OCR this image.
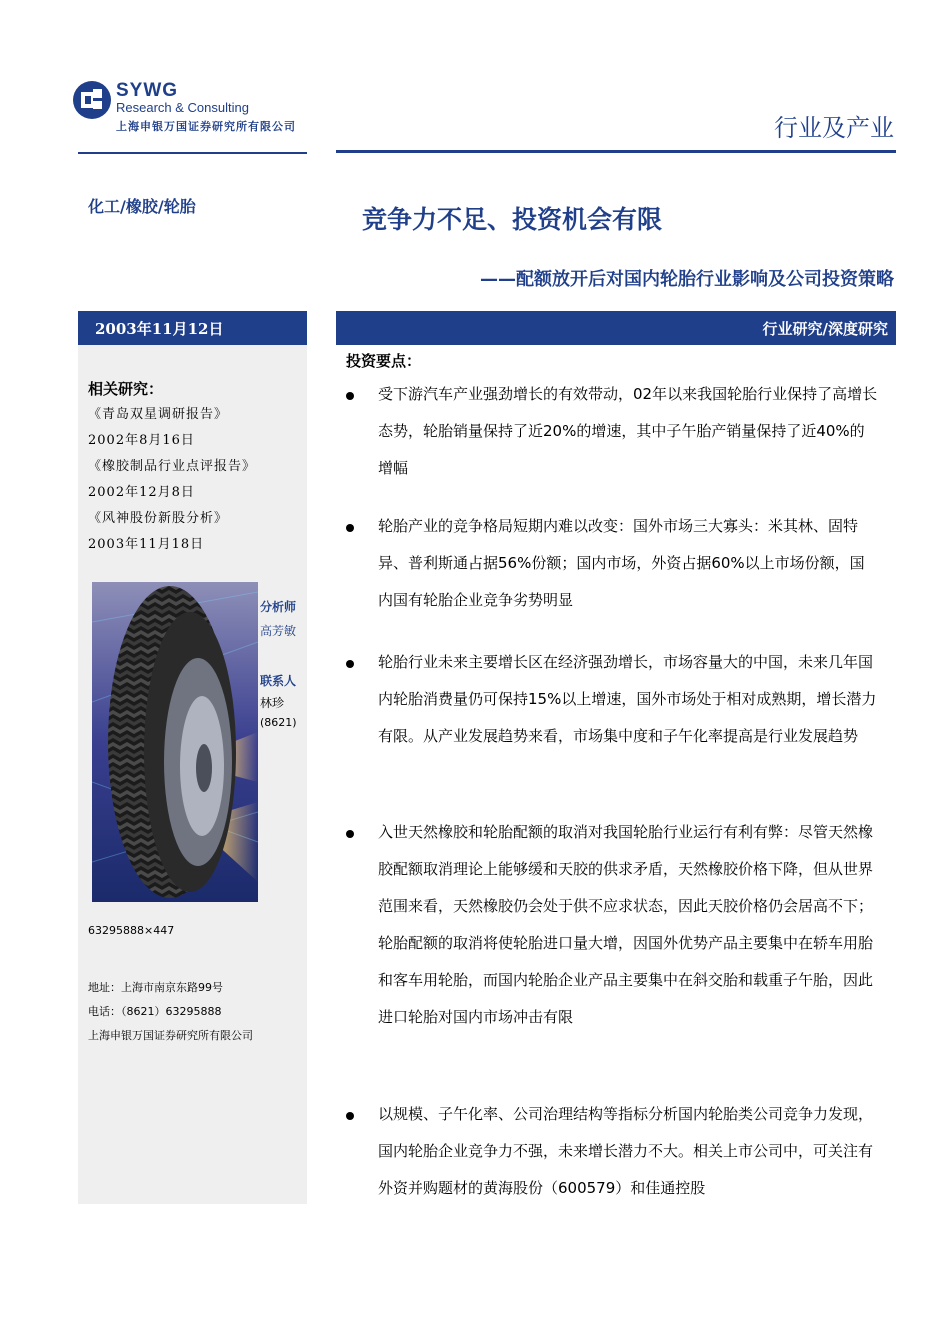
SYWG
Research & Consulting
上海申银万国证券研究所有限公司	行业及产业
化工/橡胶/轮胎	竞争力不足、投资机会有限
——配额放开后对国内轮胎行业影响及公司投资策略
2003年11月12日	行业研究/深度研究
相关研究：
《青岛双星调研报告》
2002年8月16日
《橡胶制品行业点评报告》
2002年12月8日
《风神股份新股分析》
2003年11月18日
分析师
高芳敏
联系人
林珍
(8621)
63295888×447
地址：上海市南京东路99号
电话：（8621）63295888
上海申银万国证券研究所有限公司
投资要点：
受下游汽车产业强劲增长的有效带动，02年以来我国轮胎行业保持了高增长态势，轮胎销量保持了近20%的增速，其中子午胎产销量保持了近40%的增幅
轮胎产业的竞争格局短期内难以改变：国外市场三大寡头：米其林、固特异、普利斯通占据56%份额；国内市场，外资占据60%以上市场份额，国内国有轮胎企业竞争劣势明显
轮胎行业未来主要增长区在经济强劲增长，市场容量大的中国，未来几年国内轮胎消费量仍可保持15%以上增速，国外市场处于相对成熟期，增长潜力有限。从产业发展趋势来看，市场集中度和子午化率提高是行业发展趋势
入世天然橡胶和轮胎配额的取消对我国轮胎行业运行有利有弊：尽管天然橡胶配额取消理论上能够缓和天胶的供求矛盾，天然橡胶价格下降，但从世界范围来看，天然橡胶仍会处于供不应求状态，因此天胶价格仍会居高不下；轮胎配额的取消将使轮胎进口量大增，因国外优势产品主要集中在轿车用胎和客车用轮胎，而国内轮胎企业产品主要集中在斜交胎和载重子午胎，因此进口轮胎对国内市场冲击有限
以规模、子午化率、公司治理结构等指标分析国内轮胎类公司竞争力发现，国内轮胎企业竞争力不强，未来增长潜力不大。相关上市公司中，可关注有外资并购题材的黄海股份（600579）和佳通控股
